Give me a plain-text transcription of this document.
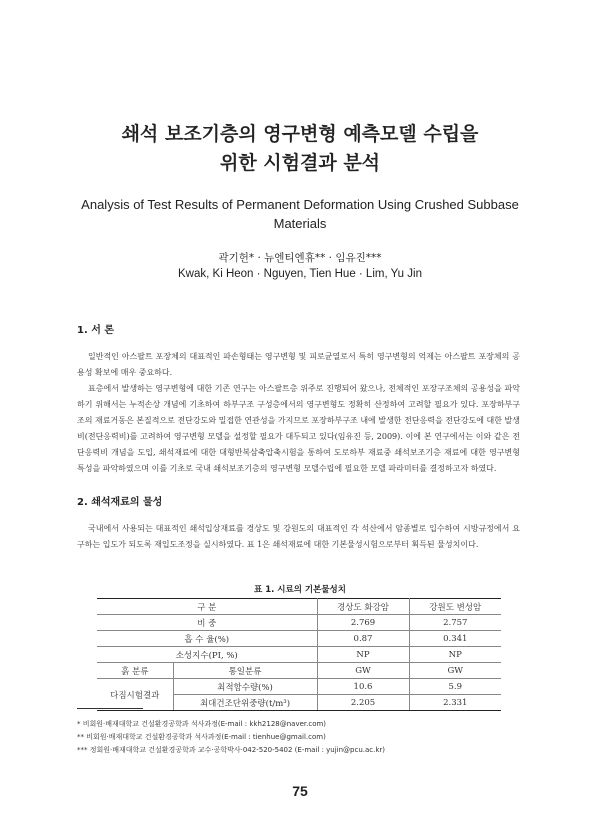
쇄석 보조기층의 영구변형 예측모델 수립을
위한 시험결과 분석
Analysis of Test Results of Permanent Deformation Using Crushed Subbase Materials
곽기헌* · 뉴엔티엔휴** · 임유진***
Kwak, Ki Heon · Nguyen, Tien Hue · Lim, Yu Jin
1. 서 론
일반적인 아스팔트 포장체의 대표적인 파손형태는 영구변형 및 피로균열로서 특히 영구변형의 억제는 아스팔트 포장체의 공용성 확보에 매우 중요하다.
표층에서 발생하는 영구변형에 대한 기존 연구는 아스팔트층 위주로 진행되어 왔으나, 전체적인 포장구조체의 공용성을 파악하기 위해서는 누적손상 개념에 기초하여 하부구조 구성층에서의 영구변형도 정확히 산정하여 고려할 필요가 있다. 포장하부구조의 재료거동은 본질적으로 전단강도와 밀접한 연관성을 가지므로 포장하부구조 내에 발생한 전단응력을 전단강도에 대한 발생비(전단응력비)를 고려하여 영구변형 모델을 설정할 필요가 대두되고 있다(임유진 등, 2009). 이에 본 연구에서는 이와 같은 전단응력비 개념을 도입, 쇄석재료에 대한 대형반복삼축압축시험을 통하여 도로하부 재료중 쇄석보조기층 재료에 대한 영구변형 특성을 파악하였으며 이를 기초로 국내 쇄석보조기층의 영구변형 모델수립에 필요한 모델 파라미터를 결정하고자 하였다.
2. 쇄석재료의 물성
국내에서 사용되는 대표적인 쇄석입상재료를 경상도 및 강원도의 대표적인 각 석산에서 암종별로 입수하여 시방규정에서 요구하는 입도가 되도록 재입도조정을 실시하였다. 표 1은 쇄석재료에 대한 기본물성시험으로부터 획득된 물성치이다.
표 1. 시료의 기본물성치
구 분		경상도 화강암	강원도 변성암
비 중		2.769	2.757
흡 수 율(%)		0.87	0.341
소성지수(PI, %)		NP	NP
흙 분류	통일분류	GW	GW
다짐시험결과	최적함수량(%)	10.6	5.9
	최대건조단위중량(t/m³)	2.205	2.331
* 비회원·배재대학교 건설환경공학과 석사과정(E-mail : kkh2128@naver.com)
** 비회원·배재대학교 건설환경공학과 석사과정(E-mail : tienhue@gmail.com)
*** 정회원·배재대학교 건설환경공학과 교수·공학박사·042-520-5402 (E-mail : yujin@pcu.ac.kr)
75
